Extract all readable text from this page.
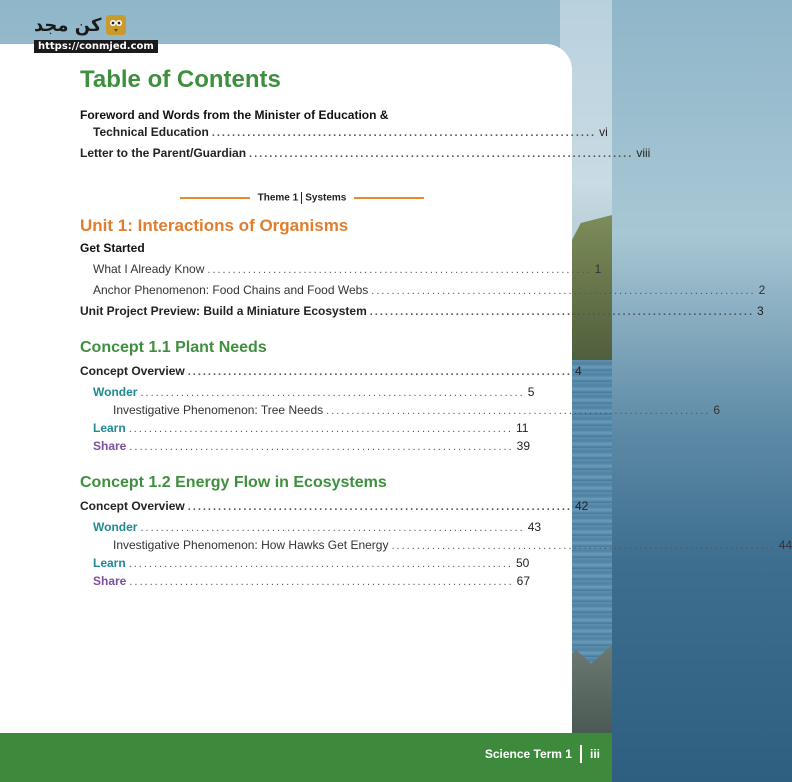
كن مجد
https://conmjed.com
Table of Contents
Foreword and Words from the Minister of Education &
Technical Education ............................................................................ vi
Letter to the Parent/Guardian ............................................................................ viii
Theme 1 Systems
Unit 1: Interactions of Organisms
Get Started
What I Already Know ............................................................................ 1
Anchor Phenomenon: Food Chains and Food Webs ............................................................................ 2
Unit Project Preview: Build a Miniature Ecosystem ............................................................................ 3
Concept 1.1 Plant Needs
Concept Overview ............................................................................ 4
Wonder ............................................................................ 5
Investigative Phenomenon: Tree Needs ............................................................................ 6
Learn ............................................................................ 11
Share ............................................................................ 39
Concept 1.2 Energy Flow in Ecosystems
Concept Overview ............................................................................ 42
Wonder ............................................................................ 43
Investigative Phenomenon: How Hawks Get Energy ............................................................................ 44
Learn ............................................................................ 50
Share ............................................................................ 67
Science Term 1 iii
